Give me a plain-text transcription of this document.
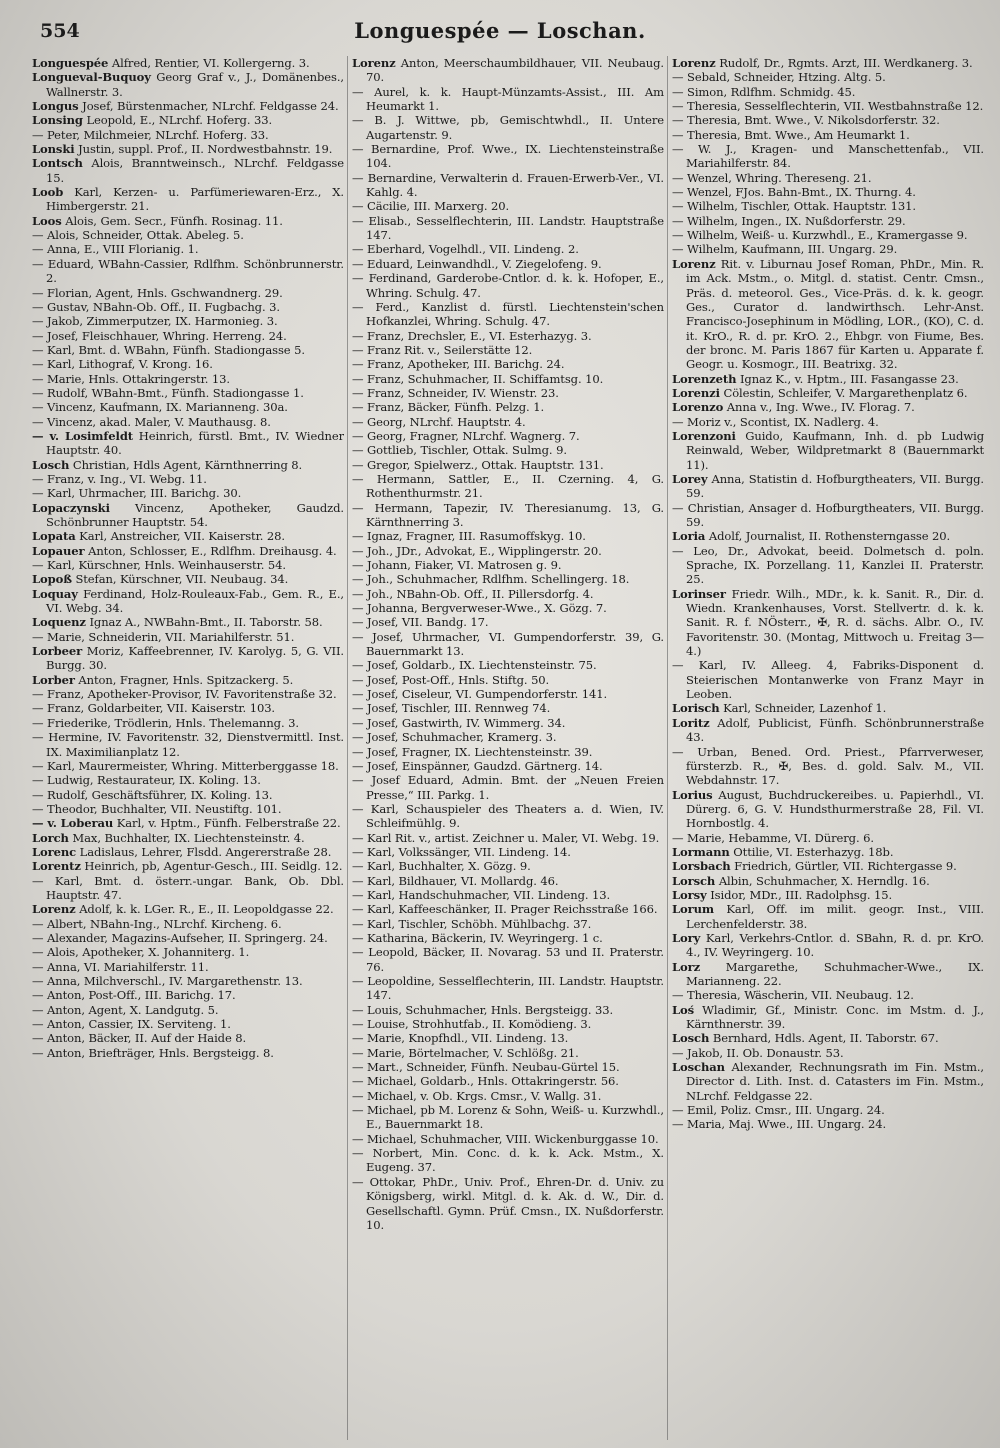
554	Longuespée — Loschan.

Longuespée Alfred, Rentier, VI. Kollergerng. 3.

Longueval-Buquoy Georg Graf v., J., Domänenbes., Wallnerstr. 3.

Longus Josef, Bürstenmacher, NLrchf. Feldgasse 24.

Lonsing Leopold, E., NLrchf. Hoferg. 33.

— Peter, Milchmeier, NLrchf. Hoferg. 33.

Lonski Justin, suppl. Prof., II. Nordwestbahnstr. 19.

Lontsch Alois, Branntweinsch., NLrchf. Feldgasse 15.

Loob Karl, Kerzen- u. Parfümeriewaren-Erz., X. Himbergerstr. 21.

Loos Alois, Gem. Secr., Fünfh. Rosinag. 11.

— Alois, Schneider, Ottak. Abeleg. 5.

— Anna, E., VIII Florianig. 1.

— Eduard, WBahn-Cassier, Rdlfhm. Schönbrunnerstr. 2.

— Florian, Agent, Hnls. Gschwandnerg. 29.

— Gustav, NBahn-Ob. Off., II. Fugbachg. 3.

— Jakob, Zimmerputzer, IX. Harmonieg. 3.

— Josef, Fleischhauer, Whring. Herreng. 24.

— Karl, Bmt. d. WBahn, Fünfh. Stadiongasse 5.

— Karl, Lithograf, V. Krong. 16.

— Marie, Hnls. Ottakringerstr. 13.

— Rudolf, WBahn-Bmt., Fünfh. Stadiongasse 1.

— Vincenz, Kaufmann, IX. Marianneng. 30a.

— Vincenz, akad. Maler, V. Mauthausg. 8.

— v. Losimfeldt Heinrich, fürstl. Bmt., IV. Wiedner Hauptstr. 40.

Losch Christian, Hdls Agent, Kärnthnerring 8.

— Franz, v. Ing., VI. Webg. 11.

— Karl, Uhrmacher, III. Barichg. 30.

Lopaczynski Vincenz, Apotheker, Gaudzd. Schönbrunner Hauptstr. 54.

Lopata Karl, Anstreicher, VII. Kaiserstr. 28.

Lopauer Anton, Schlosser, E., Rdlfhm. Dreihausg. 4.

— Karl, Kürschner, Hnls. Weinhauserstr. 54.

Lopoß Stefan, Kürschner, VII. Neubaug. 34.

Loquay Ferdinand, Holz-Rouleaux-Fab., Gem. R., E., VI. Webg. 34.

Loquenz Ignaz A., NWBahn-Bmt., II. Taborstr. 58.

— Marie, Schneiderin, VII. Mariahilferstr. 51.

Lorbeer Moriz, Kaffeebrenner, IV. Karolyg. 5, G. VII. Burgg. 30.

Lorber Anton, Fragner, Hnls. Spitzackerg. 5.

— Franz, Apotheker-Provisor, IV. Favoritenstraße 32.

— Franz, Goldarbeiter, VII. Kaiserstr. 103.

— Friederike, Trödlerin, Hnls. Thelemanng. 3.

— Hermine, IV. Favoritenstr. 32, Dienstvermittl. Inst. IX. Maximilianplatz 12.

— Karl, Maurermeister, Whring. Mitterberggasse 18.

— Ludwig, Restaurateur, IX. Koling. 13.

— Rudolf, Geschäftsführer, IX. Koling. 13.

— Theodor, Buchhalter, VII. Neustiftg. 101.

— v. Loberau Karl, v. Hptm., Fünfh. Felberstraße 22.

Lorch Max, Buchhalter, IX. Liechtensteinstr. 4.

Lorenc Ladislaus, Lehrer, Flsdd. Angererstraße 28.

Lorentz Heinrich, pb, Agentur-Gesch., III. Seidlg. 12.

— Karl, Bmt. d. österr.-ungar. Bank, Ob. Dbl. Hauptstr. 47.

Lorenz Adolf, k. k. LGer. R., E., II. Leopoldgasse 22.

— Albert, NBahn-Ing., NLrchf. Kircheng. 6.

— Alexander, Magazins-Aufseher, II. Springerg. 24.

— Alois, Apotheker, X. Johanniterg. 1.

— Anna, VI. Mariahilferstr. 11.

— Anna, Milchverschl., IV. Margarethenstr. 13.

— Anton, Post-Off., III. Barichg. 17.

— Anton, Agent, X. Landgutg. 5.

— Anton, Cassier, IX. Serviteng. 1.

— Anton, Bäcker, II. Auf der Haide 8.

— Anton, Briefträger, Hnls. Bergsteigg. 8.

Lorenz Anton, Meerschaumbildhauer, VII. Neubaug. 70.

— Aurel, k. k. Haupt-Münzamts-Assist., III. Am Heumarkt 1.

— B. J. Wittwe, pb, Gemischtwhdl., II. Untere Augartenstr. 9.

— Bernardine, Prof. Wwe., IX. Liechtensteinstraße 104.

— Bernardine, Verwalterin d. Frauen-Erwerb-Ver., VI. Kahlg. 4.

— Cäcilie, III. Marxerg. 20.

— Elisab., Sesselflechterin, III. Landstr. Hauptstraße 147.

— Eberhard, Vogelhdl., VII. Lindeng. 2.

— Eduard, Leinwandhdl., V. Ziegelofeng. 9.

— Ferdinand, Garderobe-Cntlor. d. k. k. Hofoper, E., Whring. Schulg. 47.

— Ferd., Kanzlist d. fürstl. Liechtenstein'schen Hofkanzlei, Whring. Schulg. 47.

— Franz, Drechsler, E., VI. Esterhazyg. 3.

— Franz Rit. v., Seilerstätte 12.

— Franz, Apotheker, III. Barichg. 24.

— Franz, Schuhmacher, II. Schiffamtsg. 10.

— Franz, Schneider, IV. Wienstr. 23.

— Franz, Bäcker, Fünfh. Pelzg. 1.

— Georg, NLrchf. Hauptstr. 4.

— Georg, Fragner, NLrchf. Wagnerg. 7.

— Gottlieb, Tischler, Ottak. Sulmg. 9.

— Gregor, Spielwerz., Ottak. Hauptstr. 131.

— Hermann, Sattler, E., II. Czerning. 4, G. Rothenthurmstr. 21.

— Hermann, Tapezir, IV. Theresianumg. 13, G. Kärnthnerring 3.

— Ignaz, Fragner, III. Rasumoffskyg. 10.

— Joh., JDr., Advokat, E., Wipplingerstr. 20.

— Johann, Fiaker, VI. Matrosen g. 9.

— Joh., Schuhmacher, Rdlfhm. Schellingerg. 18.

— Joh., NBahn-Ob. Off., II. Pillersdorfg. 4.

— Johanna, Bergverweser-Wwe., X. Gözg. 7.

— Josef, VII. Bandg. 17.

— Josef, Uhrmacher, VI. Gumpendorferstr. 39, G. Bauernmarkt 13.

— Josef, Goldarb., IX. Liechtensteinstr. 75.

— Josef, Post-Off., Hnls. Stiftg. 50.

— Josef, Ciseleur, VI. Gumpendorferstr. 141.

— Josef, Tischler, III. Rennweg 74.

— Josef, Gastwirth, IV. Wimmerg. 34.

— Josef, Schuhmacher, Kramerg. 3.

— Josef, Fragner, IX. Liechtensteinstr. 39.

— Josef, Einspänner, Gaudzd. Gärtnerg. 14.

— Josef Eduard, Admin. Bmt. der „Neuen Freien Presse,“ III. Parkg. 1.

— Karl, Schauspieler des Theaters a. d. Wien, IV. Schleifmühlg. 9.

— Karl Rit. v., artist. Zeichner u. Maler, VI. Webg. 19.

— Karl, Volkssänger, VII. Lindeng. 14.

— Karl, Buchhalter, X. Gözg. 9.

— Karl, Bildhauer, VI. Mollardg. 46.

— Karl, Handschuhmacher, VII. Lindeng. 13.

— Karl, Kaffeeschänker, II. Prager Reichsstraße 166.

— Karl, Tischler, Schöbh. Mühlbachg. 37.

— Katharina, Bäckerin, IV. Weyringerg. 1 c.

— Leopold, Bäcker, II. Novarag. 53 und II. Praterstr. 76.

— Leopoldine, Sesselflechterin, III. Landstr. Hauptstr. 147.

— Louis, Schuhmacher, Hnls. Bergsteigg. 33.

— Louise, Strohhutfab., II. Komödieng. 3.

— Marie, Knopfhdl., VII. Lindeng. 13.

— Marie, Börtelmacher, V. Schlößg. 21.

— Mart., Schneider, Fünfh. Neubau-Gürtel 15.

— Michael, Goldarb., Hnls. Ottakringerstr. 56.

— Michael, v. Ob. Krgs. Cmsr., V. Wallg. 31.

— Michael, pb M. Lorenz & Sohn, Weiß- u. Kurzwhdl., E., Bauernmarkt 18.

— Michael, Schuhmacher, VIII. Wickenburggasse 10.

— Norbert, Min. Conc. d. k. k. Ack. Mstm., X. Eugeng. 37.

— Ottokar, PhDr., Univ. Prof., Ehren-Dr. d. Univ. zu Königsberg, wirkl. Mitgl. d. k. Ak. d. W., Dir. d. Gesellschaftl. Gymn. Prüf. Cmsn., IX. Nußdorferstr. 10.

Lorenz Rudolf, Dr., Rgmts. Arzt, III. Werdkanerg. 3.

— Sebald, Schneider, Htzing. Altg. 5.

— Simon, Rdlfhm. Schmidg. 45.

— Theresia, Sesselflechterin, VII. Westbahnstraße 12.

— Theresia, Bmt. Wwe., V. Nikolsdorferstr. 32.

— Theresia, Bmt. Wwe., Am Heumarkt 1.

— W. J., Kragen- und Manschettenfab., VII. Mariahilferstr. 84.

— Wenzel, Whring. Thereseng. 21.

— Wenzel, FJos. Bahn-Bmt., IX. Thurng. 4.

— Wilhelm, Tischler, Ottak. Hauptstr. 131.

— Wilhelm, Ingen., IX. Nußdorferstr. 29.

— Wilhelm, Weiß- u. Kurzwhdl., E., Kramergasse 9.

— Wilhelm, Kaufmann, III. Ungarg. 29.

Lorenz Rit. v. Liburnau Josef Roman, PhDr., Min. R. im Ack. Mstm., o. Mitgl. d. statist. Centr. Cmsn., Präs. d. meteorol. Ges., Vice-Präs. d. k. k. geogr. Ges., Curator d. landwirthsch. Lehr-Anst. Francisco-Josephinum in Mödling, LOR., (KO), C. d. it. KrO., R. d. pr. KrO. 2., Ehbgr. von Fiume, Bes. der bronc. M. Paris 1867 für Karten u. Apparate f. Geogr. u. Kosmogr., III. Beatrixg. 32.

Lorenzeth Ignaz K., v. Hptm., III. Fasangasse 23.

Lorenzi Cölestin, Schleifer, V. Margarethenplatz 6.

Lorenzo Anna v., Ing. Wwe., IV. Florag. 7.

— Moriz v., Scontist, IX. Nadlerg. 4.

Lorenzoni Guido, Kaufmann, Inh. d. pb Ludwig Reinwald, Weber, Wildpretmarkt 8 (Bauernmarkt 11).

Lorey Anna, Statistin d. Hofburgtheaters, VII. Burgg. 59.

— Christian, Ansager d. Hofburgtheaters, VII. Burgg. 59.

Loria Adolf, Journalist, II. Rothensterngasse 20.

— Leo, Dr., Advokat, beeid. Dolmetsch d. poln. Sprache, IX. Porzellang. 11, Kanzlei II. Praterstr. 25.

Lorinser Friedr. Wilh., MDr., k. k. Sanit. R., Dir. d. Wiedn. Krankenhauses, Vorst. Stellvertr. d. k. k. Sanit. R. f. NÖsterr., ✠, R. d. sächs. Albr. O., IV. Favoritenstr. 30. (Montag, Mittwoch u. Freitag 3—4.)

— Karl, IV. Alleeg. 4, Fabriks-Disponent d. Steierischen Montanwerke von Franz Mayr in Leoben.

Lorisch Karl, Schneider, Lazenhof 1.

Loritz Adolf, Publicist, Fünfh. Schönbrunnerstraße 43.

— Urban, Bened. Ord. Priest., Pfarrverweser, fürsterzb. R., ✠, Bes. d. gold. Salv. M., VII. Webdahnstr. 17.

Lorius August, Buchdruckereibes. u. Papierhdl., VI. Dürerg. 6, G. V. Hundsthurmerstraße 28, Fil. VI. Hornbostlg. 4.

— Marie, Hebamme, VI. Dürerg. 6.

Lormann Ottilie, VI. Esterhazyg. 18b.

Lorsbach Friedrich, Gürtler, VII. Richtergasse 9.

Lorsch Albin, Schuhmacher, X. Herndlg. 16.

Lorsy Isidor, MDr., III. Radolphsg. 15.

Lorum Karl, Off. im milit. geogr. Inst., VIII. Lerchenfelderstr. 38.

Lory Karl, Verkehrs-Cntlor. d. SBahn, R. d. pr. KrO. 4., IV. Weyringerg. 10.

Lorz Margarethe, Schuhmacher-Wwe., IX. Marianneng. 22.

— Theresia, Wäscherin, VII. Neubaug. 12.

Loś Wladimir, Gf., Ministr. Conc. im Mstm. d. J., Kärnthnerstr. 39.

Losch Bernhard, Hdls. Agent, II. Taborstr. 67.

— Jakob, II. Ob. Donaustr. 53.

Loschan Alexander, Rechnungsrath im Fin. Mstm., Director d. Lith. Inst. d. Catasters im Fin. Mstm., NLrchf. Feldgasse 22.

— Emil, Poliz. Cmsr., III. Ungarg. 24.

— Maria, Maj. Wwe., III. Ungarg. 24.
